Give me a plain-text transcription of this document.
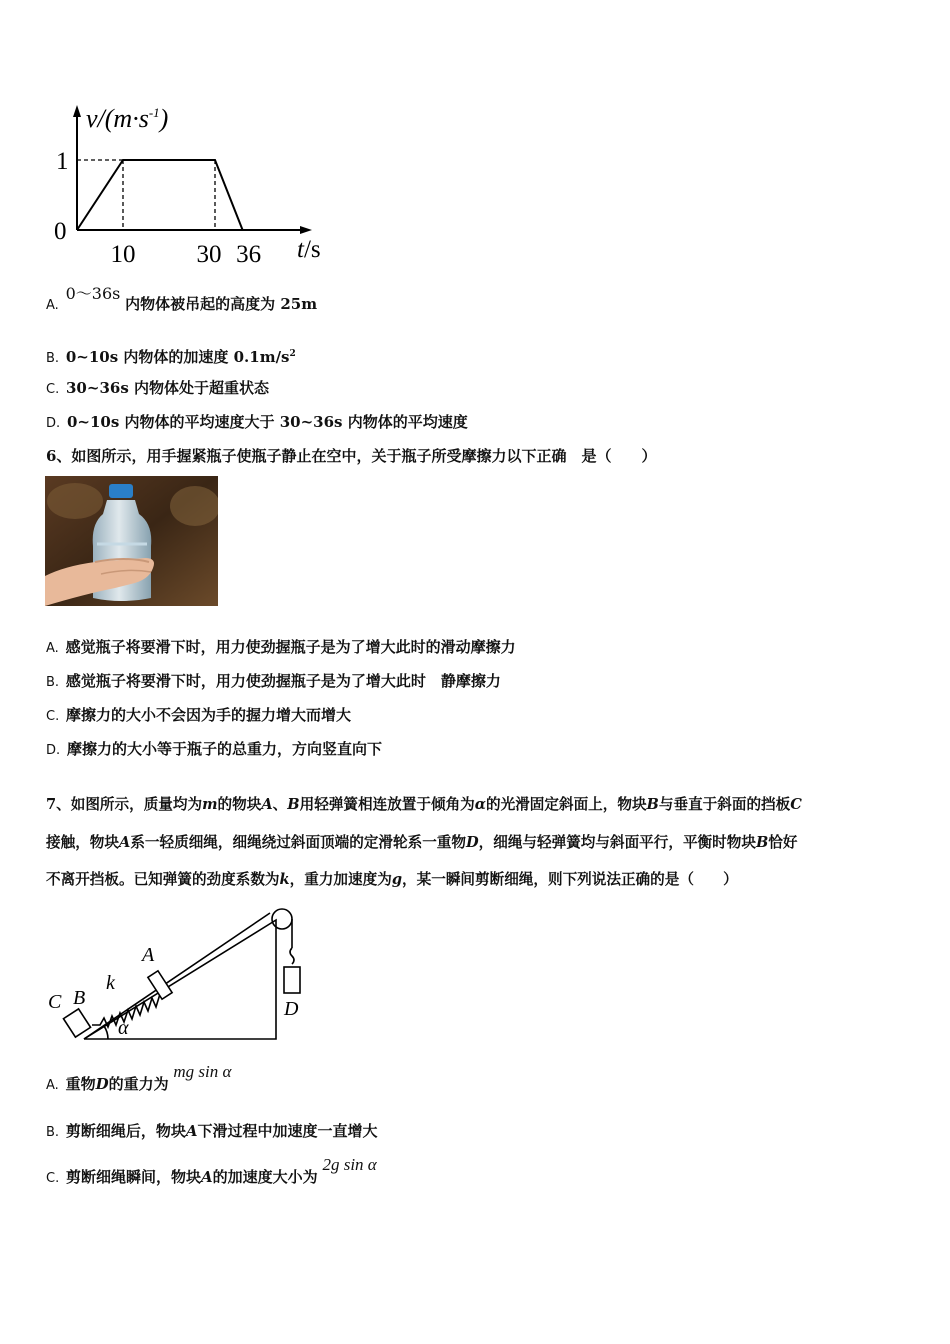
$v/(m\cdot s^{-1})$
1
0
10 30 36 t/s
A. 0～36s 内物体被吊起的高度为 25m
B. 0~10s 内物体的加速度 $0.1m/s^2$
C. 30~36s 内物体处于超重状态
D. 0~10s 内物体的平均速度大于 30~36s 内物体的平均速度
6、如图所示，用手握紧瓶子使瓶子静止在空中，关于瓶子所受摩擦力以下正确　是（　　）
A. 感觉瓶子将要滑下时，用力使劲握瓶子是为了增大此时的滑动摩擦力
B. 感觉瓶子将要滑下时，用力使劲握瓶子是为了增大此时　静摩擦力
C. 摩擦力的大小不会因为手的握力增大而增大
D. 摩擦力的大小等于瓶子的总重力，方向竖直向下
7、如图所示，质量均为m的物块A、B用轻弹簧相连放置于倾角为α的光滑固定斜面上，物块B与垂直于斜面的挡板C
接触，物块A系一轻质细绳，细绳绕过斜面顶端的定滑轮系一重物D，细绳与轻弹簧均与斜面平行，平衡时物块B恰好
不离开挡板。已知弹簧的劲度系数为k，重力加速度为g，某一瞬间剪断细绳，则下列说法正确的是（　　）
C B
k
A
D
α
A. 重物D的重力为 mg sin α
B. 剪断细绳后，物块A下滑过程中加速度一直增大
C. 剪断细绳瞬间，物块A的加速度大小为 2g sin α
